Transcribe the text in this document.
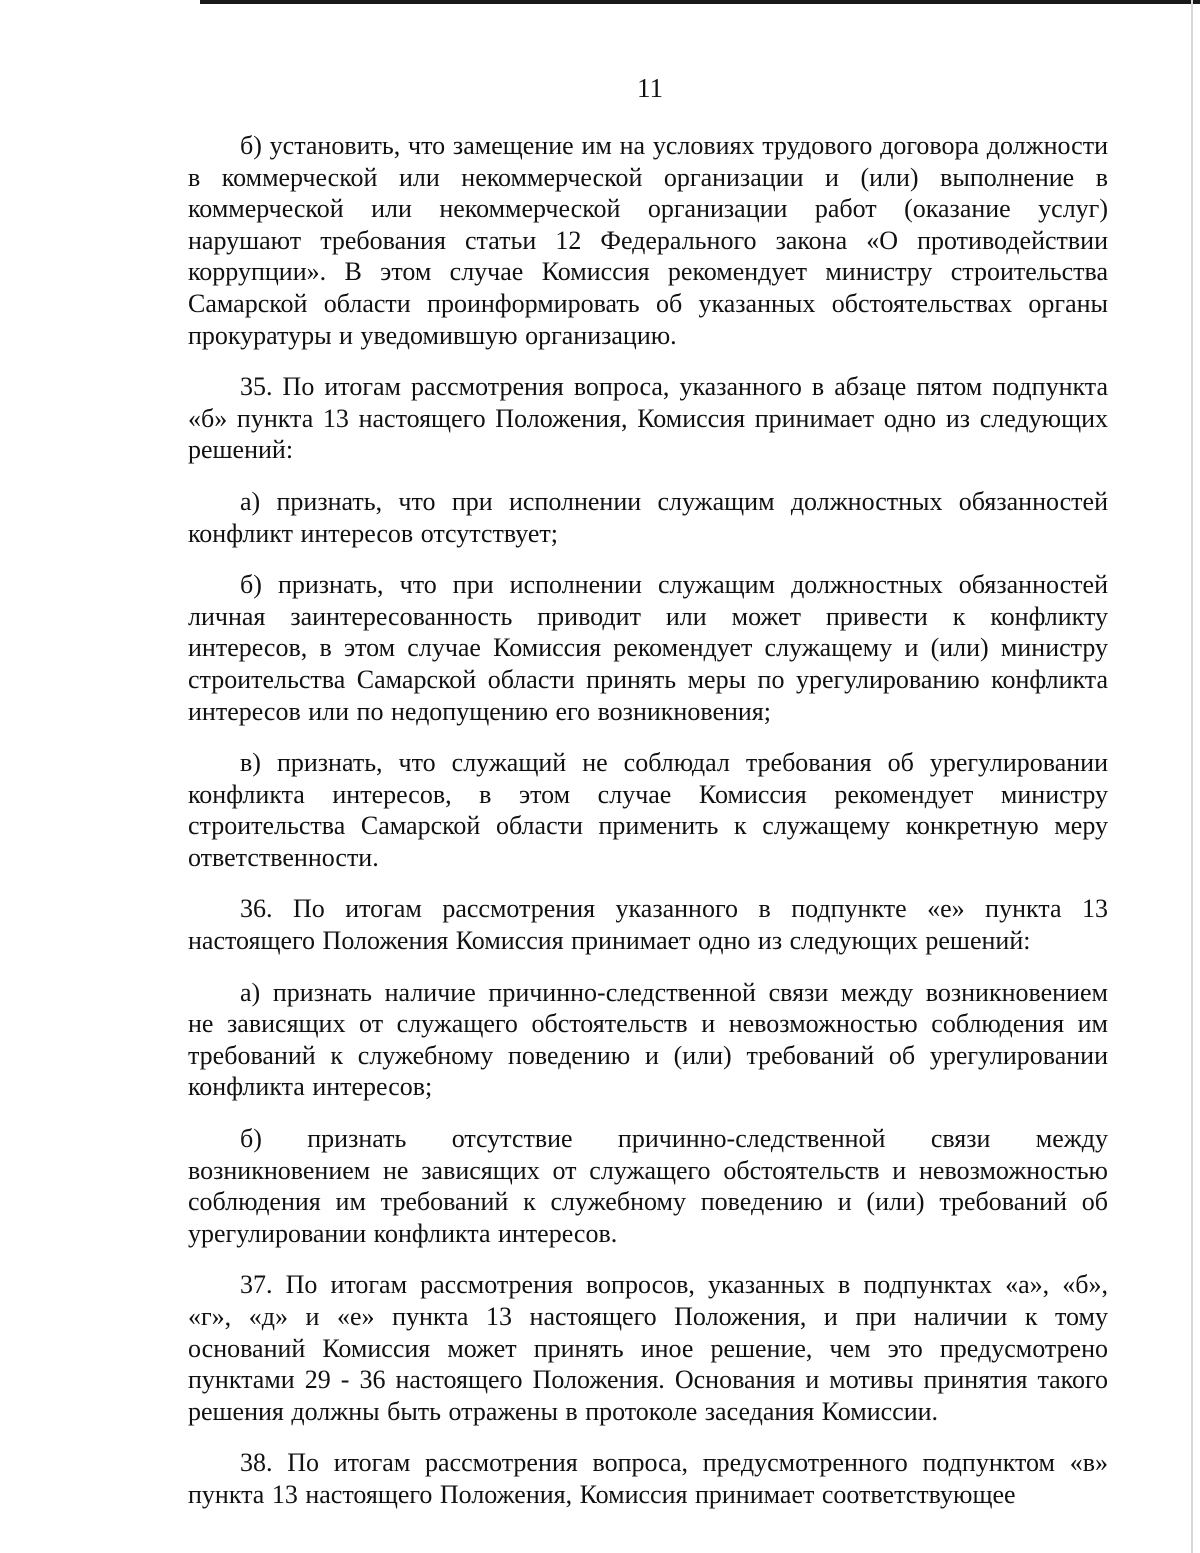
11

б) установить, что замещение им на условиях трудового договора должности в коммерческой или некоммерческой организации и (или) выполнение в коммерческой или некоммерческой организации работ (оказание услуг) нарушают требования статьи 12 Федерального закона «О противодействии коррупции». В этом случае Комиссия рекомендует министру строительства Самарской области проинформировать об указанных обстоятельствах органы прокуратуры и уведомившую организацию.

35. По итогам рассмотрения вопроса, указанного в абзаце пятом подпункта «б» пункта 13 настоящего Положения, Комиссия принимает одно из следующих решений:

а) признать, что при исполнении служащим должностных обязанностей конфликт интересов отсутствует;

б) признать, что при исполнении служащим должностных обязанностей личная заинтересованность приводит или может привести к конфликту интересов, в этом случае Комиссия рекомендует служащему и (или) министру строительства Самарской области принять меры по урегулированию конфликта интересов или по недопущению его возникновения;

в) признать, что служащий не соблюдал требования об урегулировании конфликта интересов, в этом случае Комиссия рекомендует министру строительства Самарской области применить к служащему конкретную меру ответственности.

36. По итогам рассмотрения указанного в подпункте «е» пункта 13 настоящего Положения Комиссия принимает одно из следующих решений:

а) признать наличие причинно-следственной связи между возникновением не зависящих от служащего обстоятельств и невозможностью соблюдения им требований к служебному поведению и (или) требований об урегулировании конфликта интересов;

б) признать отсутствие причинно-следственной связи между возникновением не зависящих от служащего обстоятельств и невозможностью соблюдения им требований к служебному поведению и (или) требований об урегулировании конфликта интересов.

37. По итогам рассмотрения вопросов, указанных в подпунктах «а», «б», «г», «д» и «е» пункта 13 настоящего Положения, и при наличии к тому оснований Комиссия может принять иное решение, чем это предусмотрено пунктами 29 - 36 настоящего Положения. Основания и мотивы принятия такого решения должны быть отражены в протоколе заседания Комиссии.

38. По итогам рассмотрения вопроса, предусмотренного подпунктом «в» пункта 13 настоящего Положения, Комиссия принимает соответствующее
